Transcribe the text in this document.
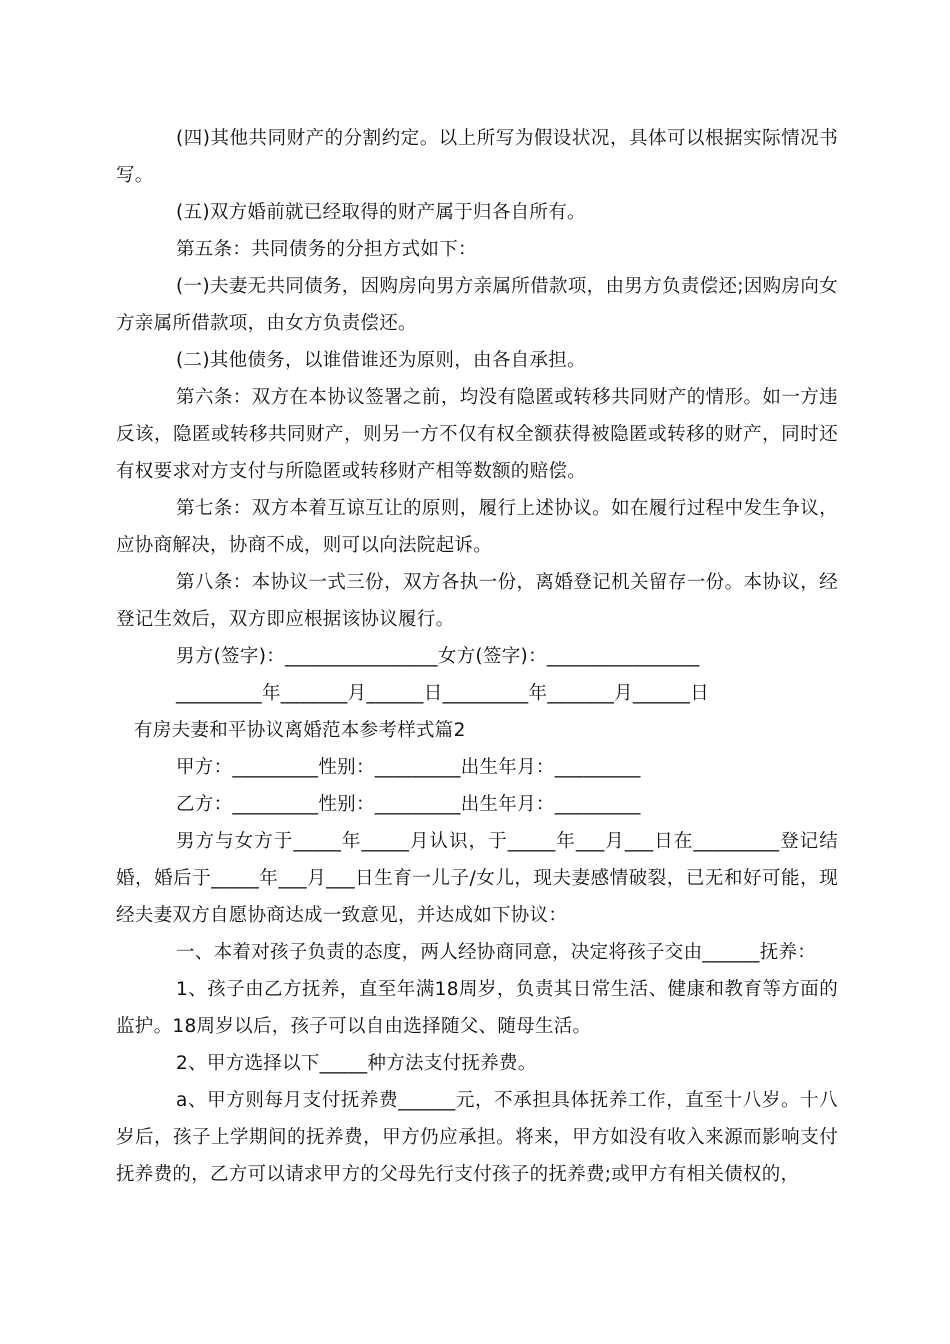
(四)其他共同财产的分割约定。以上所写为假设状况，具体可以根据实际情况书写。

(五)双方婚前就已经取得的财产属于归各自所有。

第五条：共同债务的分担方式如下：

(一)夫妻无共同债务，因购房向男方亲属所借款项，由男方负责偿还;因购房向女方亲属所借款项，由女方负责偿还。

(二)其他债务，以谁借谁还为原则，由各自承担。

第六条：双方在本协议签署之前，均没有隐匿或转移共同财产的情形。如一方违反该，隐匿或转移共同财产，则另一方不仅有权全额获得被隐匿或转移的财产，同时还有权要求对方支付与所隐匿或转移财产相等数额的赔偿。

第七条：双方本着互谅互让的原则，履行上述协议。如在履行过程中发生争议，应协商解决，协商不成，则可以向法院起诉。

第八条：本协议一式三份，双方各执一份，离婚登记机关留存一份。本协议，经登记生效后，双方即应根据该协议履行。

男方(签字)：________________女方(签字)：________________

_________年_______月______日_________年_______月______日

有房夫妻和平协议离婚范本参考样式篇2

甲方：_________性别：_________出生年月：_________

乙方：_________性别：_________出生年月：_________

男方与女方于_____年_____月认识，于_____年___月___日在_________登记结婚，婚后于_____年___月___日生育一儿子/女儿，现夫妻感情破裂，已无和好可能，现经夫妻双方自愿协商达成一致意见，并达成如下协议：

一、本着对孩子负责的态度，两人经协商同意，决定将孩子交由______抚养：

1、孩子由乙方抚养，直至年满18周岁，负责其日常生活、健康和教育等方面的监护。18周岁以后，孩子可以自由选择随父、随母生活。

2、甲方选择以下_____种方法支付抚养费。

a、甲方则每月支付抚养费______元，不承担具体抚养工作，直至十八岁。十八岁后，孩子上学期间的抚养费，甲方仍应承担。将来，甲方如没有收入来源而影响支付抚养费的，乙方可以请求甲方的父母先行支付孩子的抚养费;或甲方有相关债权的，
